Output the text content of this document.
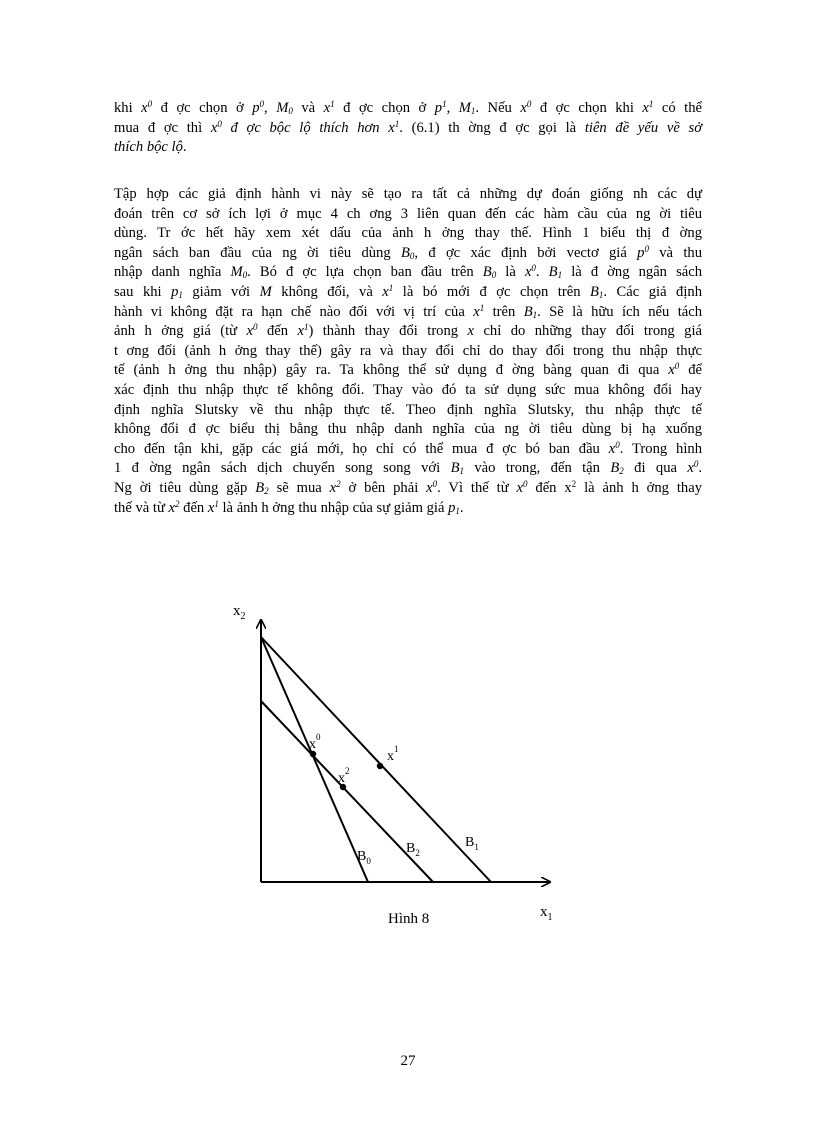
khi $x^0$ đ ợc chọn ở $p^0$, $M_0$ và $x^1$ đ ợc chọn ở $p^1$, $M_1$. Nếu $x^0$ đ ợc chọn khi $x^1$ có thể
mua đ ợc thì $x^0$ đ ợc bộc lộ thích hơn $x^1$. (6.1) th ờng đ ợc gọi là tiên đề yếu về sở
thích bộc lộ.
Tập hợp các giả định hành vi này sẽ tạo ra tất cả những dự đoán giống nh các dự
đoán trên cơ sở ích lợi ở mục 4 ch ơng 3 liên quan đến các hàm cầu của ng ời tiêu
dùng. Tr ớc hết hãy xem xét dấu của ảnh h ởng thay thế. Hình 1 biểu thị đ ờng
ngân sách ban đầu của ng ời tiêu dùng $B_0$, đ ợc xác định bởi vectơ giá $p^0$ và thu
nhập danh nghĩa $M_0$. Bó đ ợc lựa chọn ban đầu trên $B_0$ là $x^0$. $B_1$ là đ ờng ngân sách
sau khi $p_1$ giảm với M không đổi, và $x^1$ là bó mới đ ợc chọn trên $B_1$. Các giả định
hành vi không đặt ra hạn chế nào đối với vị trí của $x^1$ trên $B_1$. Sẽ là hữu ích nếu tách
ảnh h ởng giá (từ $x^0$ đến $x^1$) thành thay đổi trong x chỉ do những thay đổi trong giá
t ơng đối (ảnh h ởng thay thế) gây ra và thay đổi chỉ do thay đổi trong thu nhập thực
tế (ảnh h ởng thu nhập) gây ra. Ta không thể sử dụng đ ờng bàng quan đi qua $x^0$ để
xác định thu nhập thực tế không đổi. Thay vào đó ta sử dụng sức mua không đổi hay
định nghĩa Slutsky về thu nhập thực tế. Theo định nghĩa Slutsky, thu nhập thực tế
không đổi đ ợc biểu thị bằng thu nhập danh nghĩa của ng ời tiêu dùng bị hạ xuống
cho đến tận khi, gặp các giá mới, họ chỉ có thể mua đ ợc bó ban đầu $x^0$. Trong hình
1 đ ờng ngân sách dịch chuyển song song với $B_1$ vào trong, đến tận $B_2$ đi qua $x^0$.
Ng ời tiêu dùng gặp $B_2$ sẽ mua $x^2$ ở bên phải $x^0$. Vì thế từ $x^0$ đến $x^2$ là ảnh h ởng thay
thế và từ $x^2$ đến $x^1$ là ảnh h ởng thu nhập của sự giảm giá $p_1$.
$x_2$
$x_1$
$x^0$
$x^1$
$x^2$
$B_0$
$B_2$
$B_1$
Hình 8
27
